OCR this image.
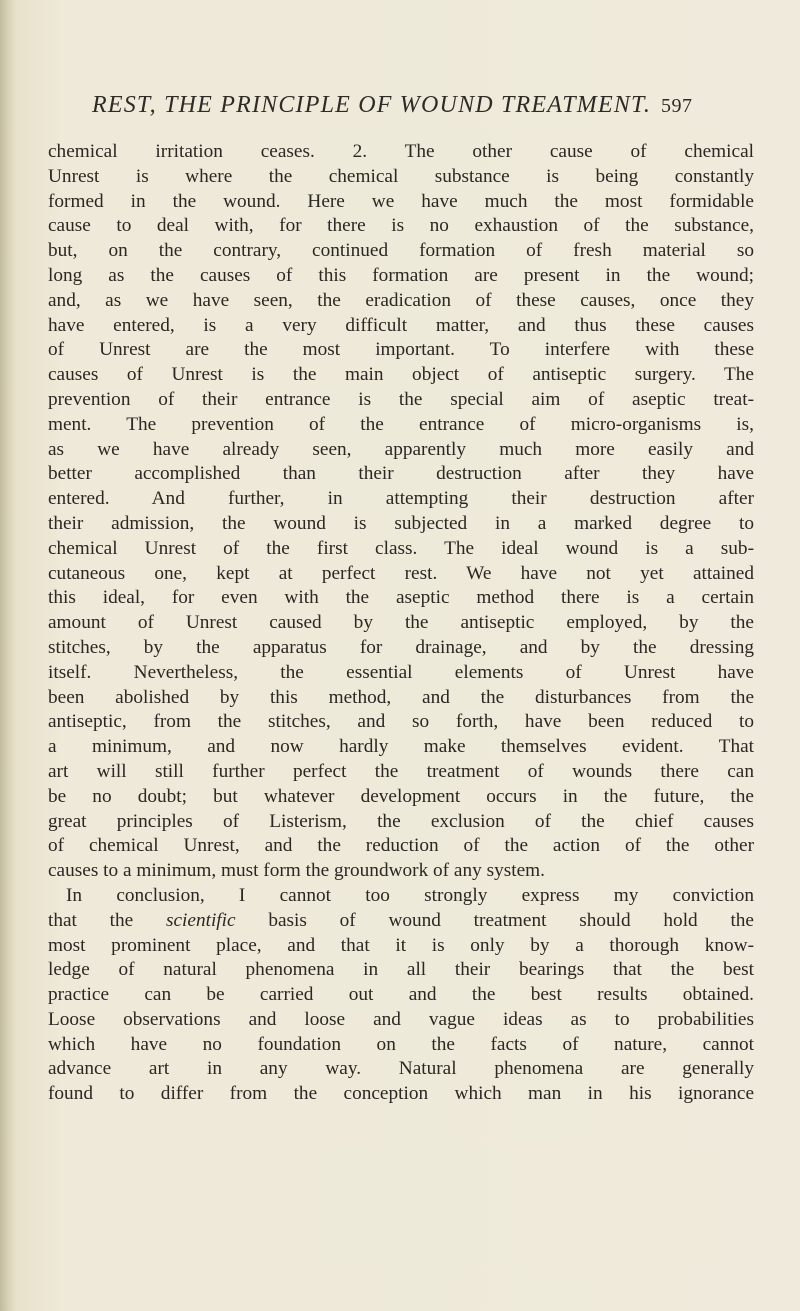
REST, THE PRINCIPLE OF WOUND TREATMENT. 597
chemical irritation ceases. 2. The other cause of chemical
Unrest is where the chemical substance is being constantly
formed in the wound. Here we have much the most formidable
cause to deal with, for there is no exhaustion of the substance,
but, on the contrary, continued formation of fresh material so
long as the causes of this formation are present in the wound;
and, as we have seen, the eradication of these causes, once they
have entered, is a very difficult matter, and thus these causes
of Unrest are the most important. To interfere with these
causes of Unrest is the main object of antiseptic surgery. The
prevention of their entrance is the special aim of aseptic treat-
ment. The prevention of the entrance of micro-organisms is,
as we have already seen, apparently much more easily and
better accomplished than their destruction after they have
entered. And further, in attempting their destruction after
their admission, the wound is subjected in a marked degree to
chemical Unrest of the first class. The ideal wound is a sub-
cutaneous one, kept at perfect rest. We have not yet attained
this ideal, for even with the aseptic method there is a certain
amount of Unrest caused by the antiseptic employed, by the
stitches, by the apparatus for drainage, and by the dressing
itself. Nevertheless, the essential elements of Unrest have
been abolished by this method, and the disturbances from the
antiseptic, from the stitches, and so forth, have been reduced to
a minimum, and now hardly make themselves evident. That
art will still further perfect the treatment of wounds there can
be no doubt; but whatever development occurs in the future, the
great principles of Listerism, the exclusion of the chief causes
of chemical Unrest, and the reduction of the action of the other
causes to a minimum, must form the groundwork of any system.
In conclusion, I cannot too strongly express my conviction
that the scientific basis of wound treatment should hold the
most prominent place, and that it is only by a thorough know-
ledge of natural phenomena in all their bearings that the best
practice can be carried out and the best results obtained.
Loose observations and loose and vague ideas as to probabilities
which have no foundation on the facts of nature, cannot
advance art in any way. Natural phenomena are generally
found to differ from the conception which man in his ignorance
